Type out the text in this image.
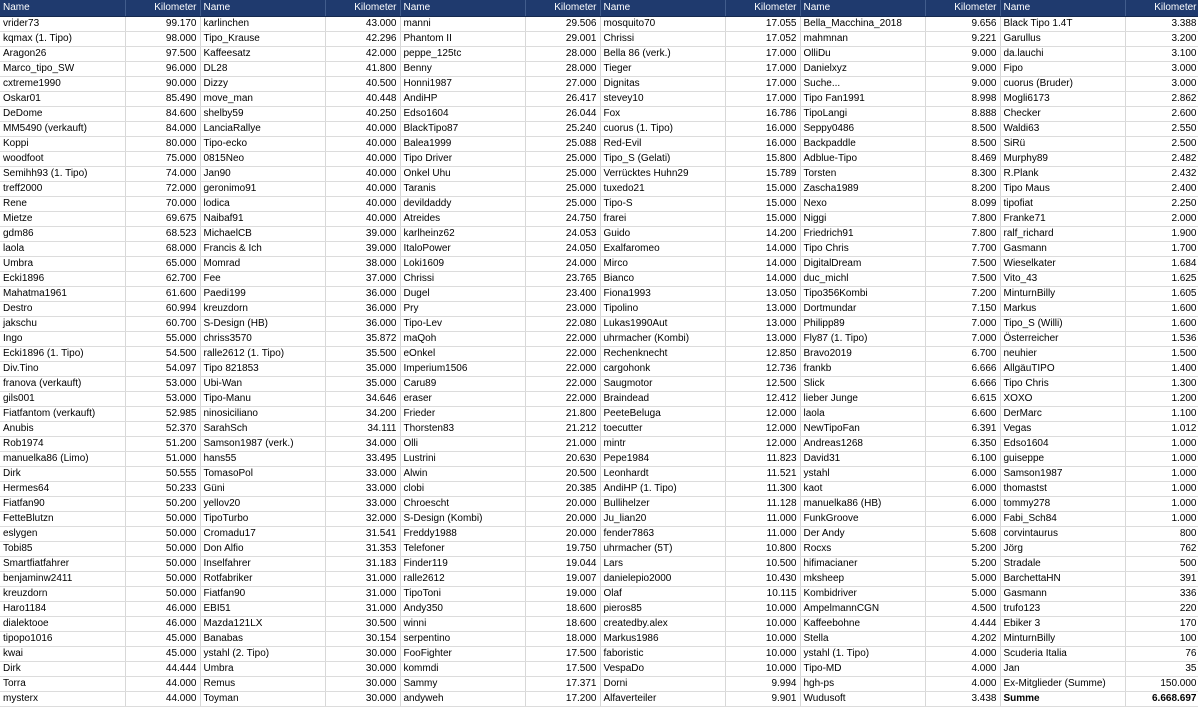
Name	Kilometer	Name	Kilometer	Name	Kilometer	Name	Kilometer	Name	Kilometer	Name	Kilometer
vrider73	99.170	karlinchen	43.000	manni	29.506	mosquito70	17.055	Bella_Macchina_2018	9.656	Black Tipo 1.4T	3.388
kqmax (1. Tipo)	98.000	Tipo_Krause	42.296	Phantom II	29.001	Chrissi	17.052	mahmnan	9.221	Garullus	3.200
Aragon26	97.500	Kaffeesatz	42.000	peppe_125tc	28.000	Bella 86 (verk.)	17.000	OlliDu	9.000	da.lauchi	3.100
Marco_tipo_SW	96.000	DL28	41.800	Benny	28.000	Tieger	17.000	Danielxyz	9.000	Fipo	3.000
cxtreme1990	90.000	Dizzy	40.500	Honni1987	27.000	Dignitas	17.000	Suche...	9.000	cuorus (Bruder)	3.000
Oskar01	85.490	move_man	40.448	AndiHP	26.417	stevey10	17.000	Tipo Fan1991	8.998	Mogli6173	2.862
DeDome	84.600	shelby59	40.250	Edso1604	26.044	Fox	16.786	TipoLangi	8.888	Checker	2.600
MM5490 (verkauft)	84.000	LanciaRallye	40.000	BlackTipo87	25.240	cuorus (1. Tipo)	16.000	Seppy0486	8.500	Waldi63	2.550
Koppi	80.000	Tipo-ecko	40.000	Balea1999	25.088	Red-Evil	16.000	Backpaddle	8.500	SiRü	2.500
woodfoot	75.000	0815Neo	40.000	Tipo Driver	25.000	Tipo_S (Gelati)	15.800	Adblue-Tipo	8.469	Murphy89	2.482
Semihh93 (1. Tipo)	74.000	Jan90	40.000	Onkel Uhu	25.000	Verrücktes Huhn29	15.789	Torsten	8.300	R.Plank	2.432
treff2000	72.000	geronimo91	40.000	Taranis	25.000	tuxedo21	15.000	Zascha1989	8.200	Tipo Maus	2.400
Rene	70.000	lodica	40.000	devildaddy	25.000	Tipo-S	15.000	Nexo	8.099	tipofiat	2.250
Mietze	69.675	Naibaf91	40.000	Atreides	24.750	frarei	15.000	Niggi	7.800	Franke71	2.000
gdm86	68.523	MichaelCB	39.000	karlheinz62	24.053	Guido	14.200	Friedrich91	7.800	ralf_richard	1.900
laola	68.000	Francis & Ich	39.000	ItaloPower	24.050	Exalfaromeo	14.000	Tipo Chris	7.700	Gasmann	1.700
Umbra	65.000	Momrad	38.000	Loki1609	24.000	Mirco	14.000	DigitalDream	7.500	Wieselkater	1.684
Ecki1896	62.700	Fee	37.000	Chrissi	23.765	Bianco	14.000	duc_michl	7.500	Vito_43	1.625
Mahatma1961	61.600	Paedi199	36.000	Dugel	23.400	Fiona1993	13.050	Tipo356Kombi	7.200	MinturnBilly	1.605
Destro	60.994	kreuzdorn	36.000	Pry	23.000	Tipolino	13.000	Dortmundar	7.150	Markus	1.600
jakschu	60.700	S-Design (HB)	36.000	Tipo-Lev	22.080	Lukas1990Aut	13.000	Philipp89	7.000	Tipo_S (Willi)	1.600
Ingo	55.000	chriss3570	35.872	maQoh	22.000	uhrmacher (Kombi)	13.000	Fly87 (1. Tipo)	7.000	Österreicher	1.536
Ecki1896 (1. Tipo)	54.500	ralle2612 (1. Tipo)	35.500	eOnkel	22.000	Rechenknecht	12.850	Bravo2019	6.700	neuhier	1.500
Div.Tino	54.097	Tipo 821853	35.000	Imperium1506	22.000	cargohonk	12.736	frankb	6.666	AllgäuTIPO	1.400
franova (verkauft)	53.000	Ubi-Wan	35.000	Caru89	22.000	Saugmotor	12.500	Slick	6.666	Tipo Chris	1.300
gils001	53.000	Tipo-Manu	34.646	eraser	22.000	Braindead	12.412	lieber Junge	6.615	XOXO	1.200
Fiatfantom (verkauft)	52.985	ninosiciliano	34.200	Frieder	21.800	PeeteBeluga	12.000	laola	6.600	DerMarc	1.100
Anubis	52.370	SarahSch	34.111	Thorsten83	21.212	toecutter	12.000	NewTipoFan	6.391	Vegas	1.012
Rob1974	51.200	Samson1987 (verk.)	34.000	Olli	21.000	mintr	12.000	Andreas1268	6.350	Edso1604	1.000
manuelka86 (Limo)	51.000	hans55	33.495	Lustrini	20.630	Pepe1984	11.823	David31	6.100	guiseppe	1.000
Dirk	50.555	TomasoPol	33.000	Alwin	20.500	Leonhardt	11.521	ystahl	6.000	Samson1987	1.000
Hermes64	50.233	Güni	33.000	clobi	20.385	AndiHP (1. Tipo)	11.300	kaot	6.000	thomastst	1.000
Fiatfan90	50.200	yellov20	33.000	Chroescht	20.000	Bullihelzer	11.128	manuelka86 (HB)	6.000	tommy278	1.000
FetteBlutzn	50.000	TipoTurbo	32.000	S-Design (Kombi)	20.000	Ju_lian20	11.000	FunkGroove	6.000	Fabi_Sch84	1.000
eslygen	50.000	Cromadu17	31.541	Freddy1988	20.000	fender7863	11.000	Der Andy	5.608	corvintaurus	800
Tobi85	50.000	Don Alfio	31.353	Telefoner	19.750	uhrmacher (5T)	10.800	Rocxs	5.200	Jörg	762
Smartfiatfahrer	50.000	Inselfahrer	31.183	Finder119	19.044	Lars	10.500	hifimacianer	5.200	Stradale	500
benjaminw2411	50.000	Rotfabriker	31.000	ralle2612	19.007	danielepio2000	10.430	mksheep	5.000	BarchettaHN	391
kreuzdorn	50.000	Fiatfan90	31.000	TipoToni	19.000	Olaf	10.115	Kombidriver	5.000	Gasmann	336
Haro1184	46.000	EBI51	31.000	Andy350	18.600	pieros85	10.000	AmpelmannCGN	4.500	trufo123	220
dialektooe	46.000	Mazda121LX	30.500	winni	18.600	createdby.alex	10.000	Kaffeebohne	4.444	Ebiker 3	170
tipopo1016	45.000	Banabas	30.154	serpentino	18.000	Markus1986	10.000	Stella	4.202	MinturnBilly	100
kwai	45.000	ystahl (2. Tipo)	30.000	FooFighter	17.500	faboristic	10.000	ystahl (1. Tipo)	4.000	Scuderia Italia	76
Dirk	44.444	Umbra	30.000	kommdi	17.500	VespaDo	10.000	Tipo-MD	4.000	Jan	35
Torra	44.000	Remus	30.000	Sammy	17.371	Dorni	9.994	hgh-ps	4.000	Ex-Mitglieder (Summe)	150.000
mysterx	44.000	Toyman	30.000	andyweh	17.200	Alfaverteiler	9.901	Wudusoft	3.438	Summe	6.668.697
